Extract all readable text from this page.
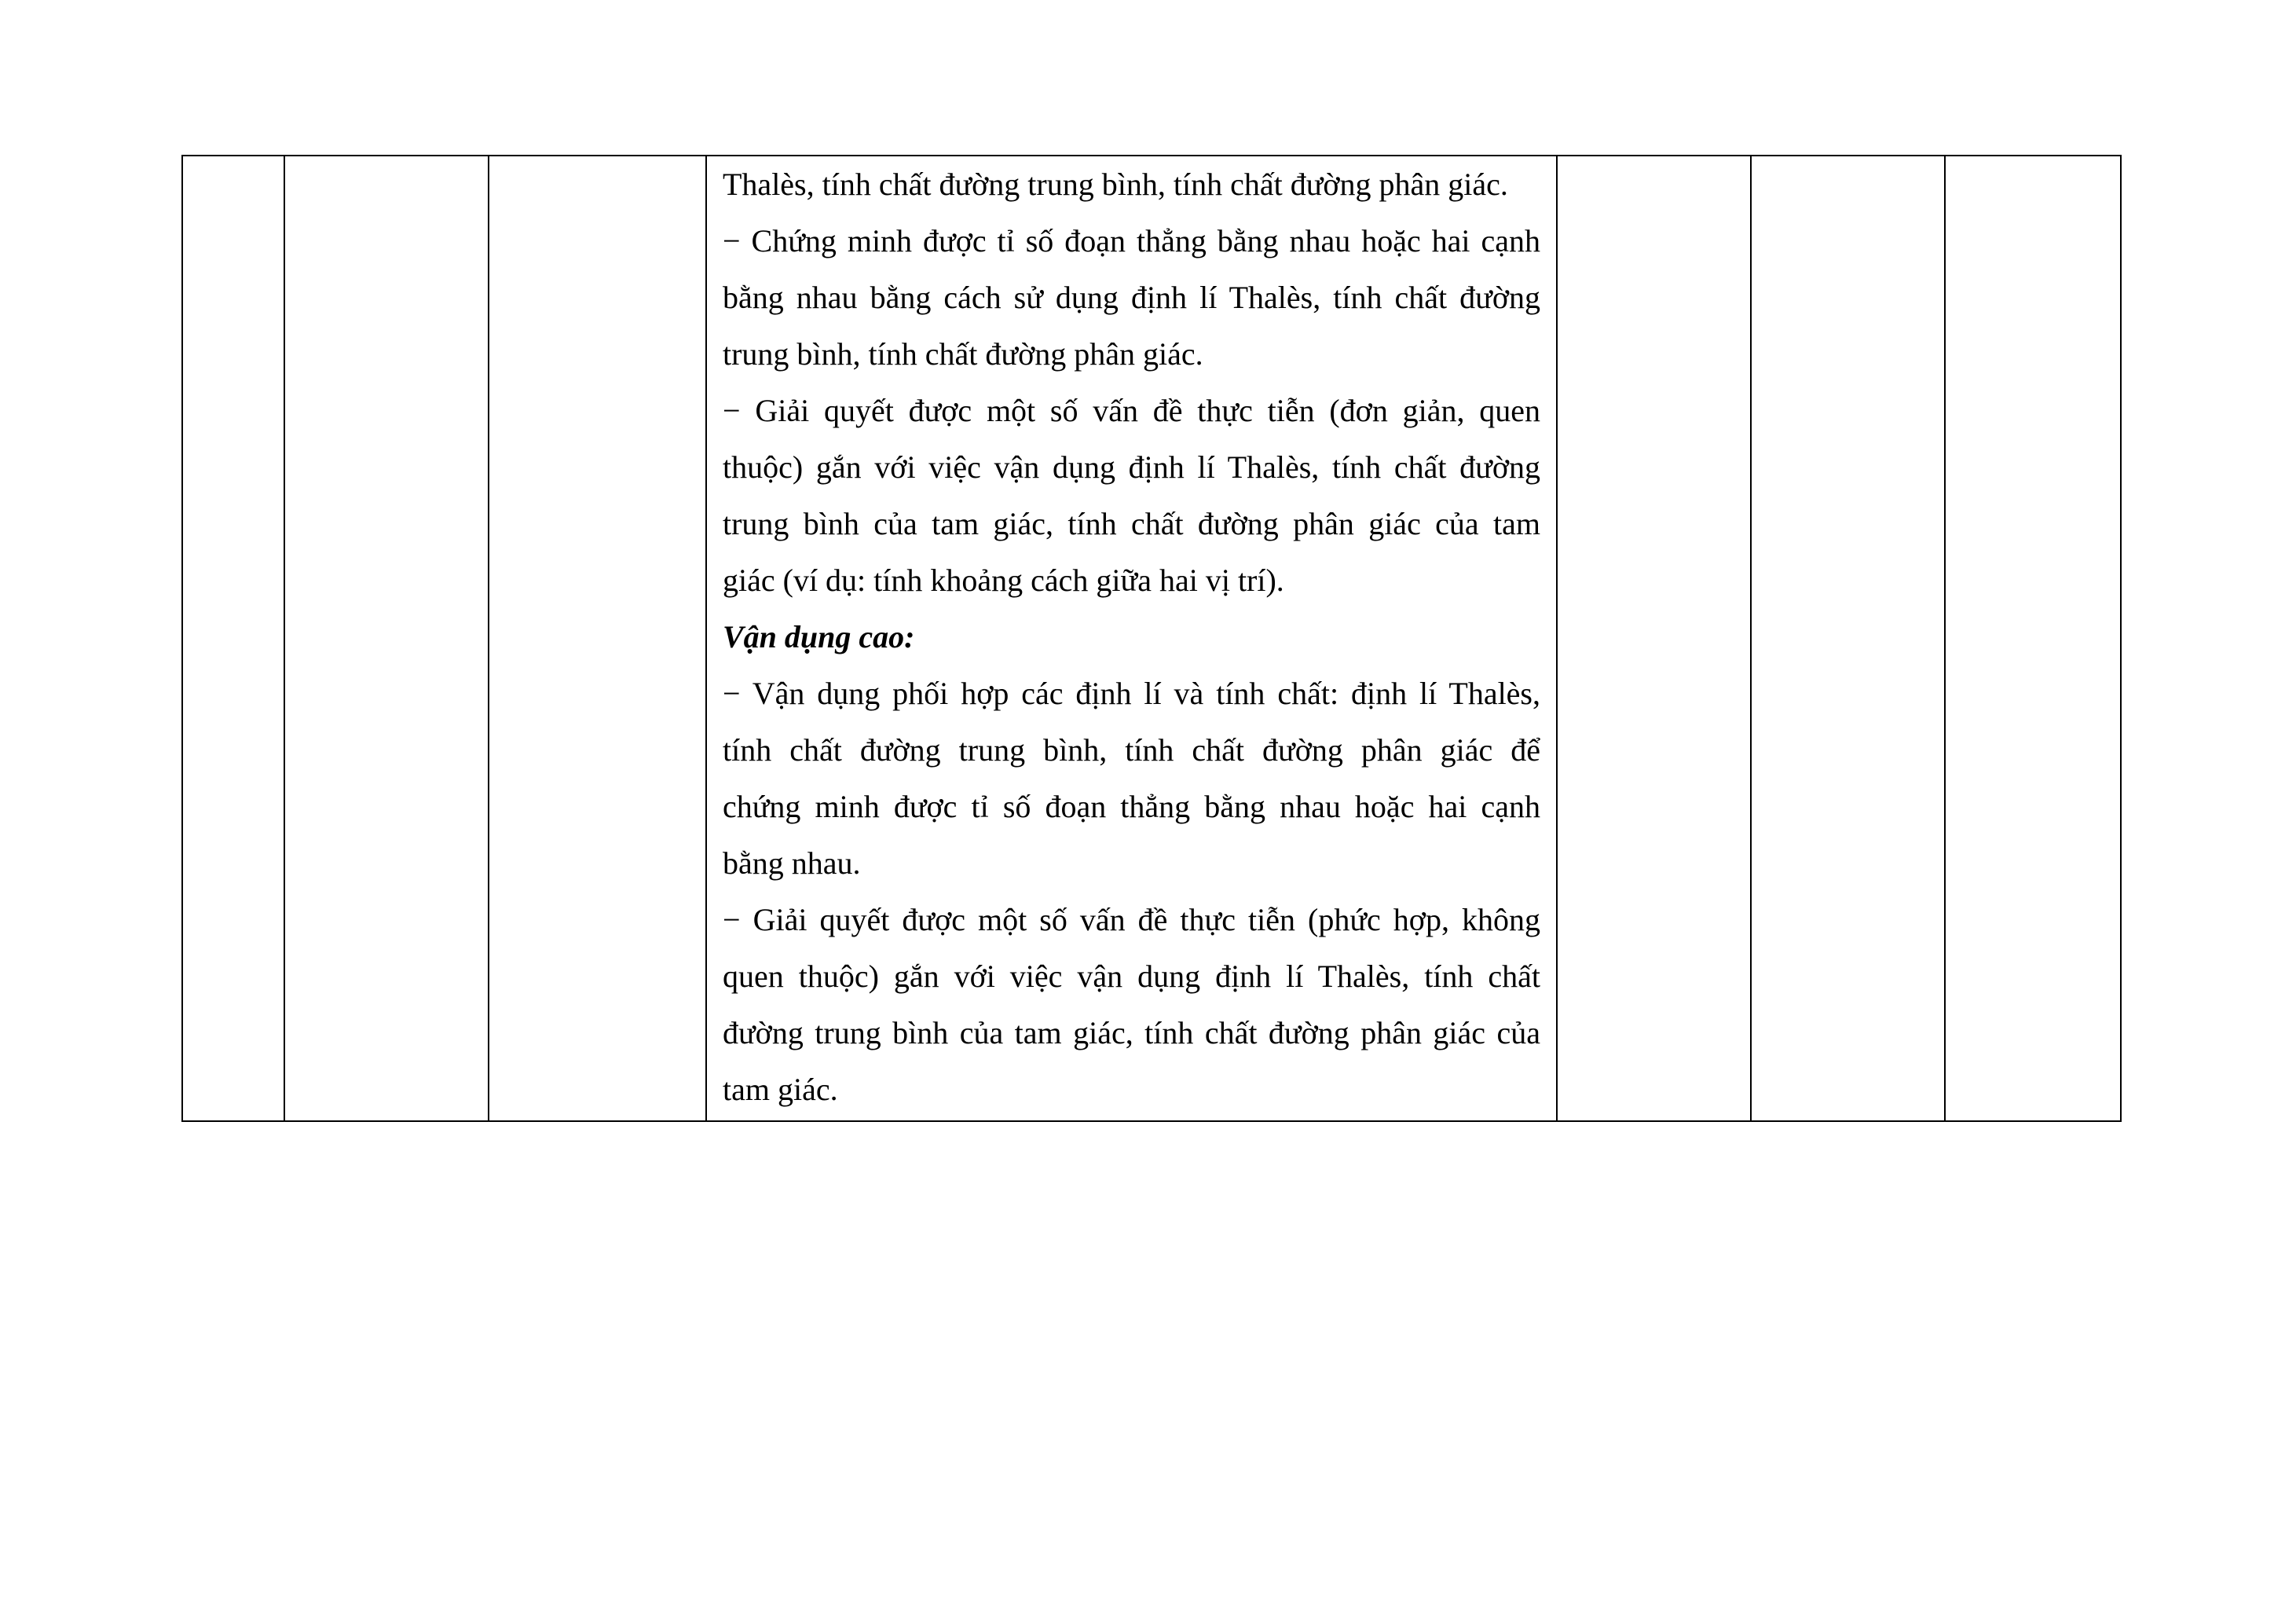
Thalès, tính chất đường trung bình, tính chất đường phân giác.
− Chứng minh được tỉ số đoạn thẳng bằng nhau hoặc hai cạnh
bằng nhau bằng cách sử dụng định lí Thalès, tính chất đường
trung bình, tính chất đường phân giác.
− Giải quyết được một số vấn đề thực tiễn (đơn giản, quen
thuộc) gắn với việc vận dụng định lí Thalès, tính chất đường
trung bình của tam giác, tính chất đường phân giác của tam
giác (ví dụ: tính khoảng cách giữa hai vị trí).
Vận dụng cao:
− Vận dụng phối hợp các định lí và tính chất: định lí Thalès,
tính chất đường trung bình, tính chất đường phân giác để
chứng minh được tỉ số đoạn thẳng bằng nhau hoặc hai cạnh
bằng nhau.
− Giải quyết được một số vấn đề thực tiễn (phức hợp, không
quen thuộc) gắn với việc vận dụng định lí Thalès, tính chất
đường trung bình của tam giác, tính chất đường phân giác của
tam giác.
